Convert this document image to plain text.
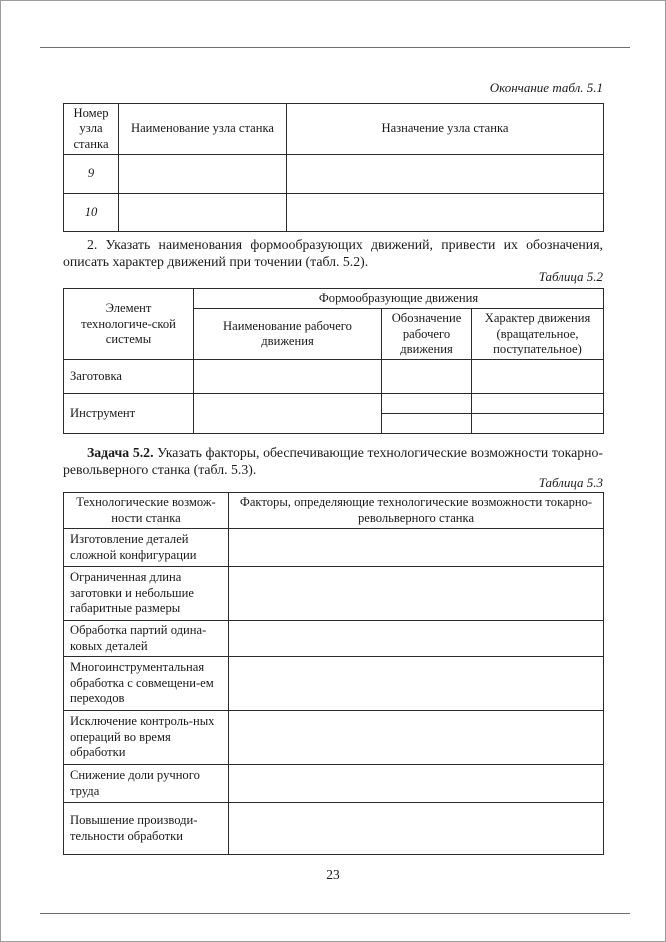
Окончание табл. 5.1
Номер узла станка	Наименование узла станка	Назначение узла станка
9		
10		

2. Указать наименования формообразующих движений, привести их обозначения, описать характер движений при точении (табл. 5.2).

Таблица 5.2
Элемент технологиче-ской системы	Формообразующие движения		
	Наименование рабочего движения	Обозначение рабочего движения	Характер движения (вращательное, поступательное)
Заготовка			
Инструмент			

Задача 5.2. Указать факторы, обеспечивающие технологические возможности токарно-револьверного станка (табл. 5.3).

Таблица 5.3
Технологические возмож-ности станка	Факторы, определяющие технологические возможности токарно-револьверного станка
Изготовление деталей сложной конфигурации	
Ограниченная длина заготовки и небольшие габаритные размеры	
Обработка партий одина-ковых деталей	
Многоинструментальная обработка с совмещени-ем переходов	
Исключение контроль-ных операций во время обработки	
Снижение доли ручного труда	
Повышение производи-тельности обработки	
23
